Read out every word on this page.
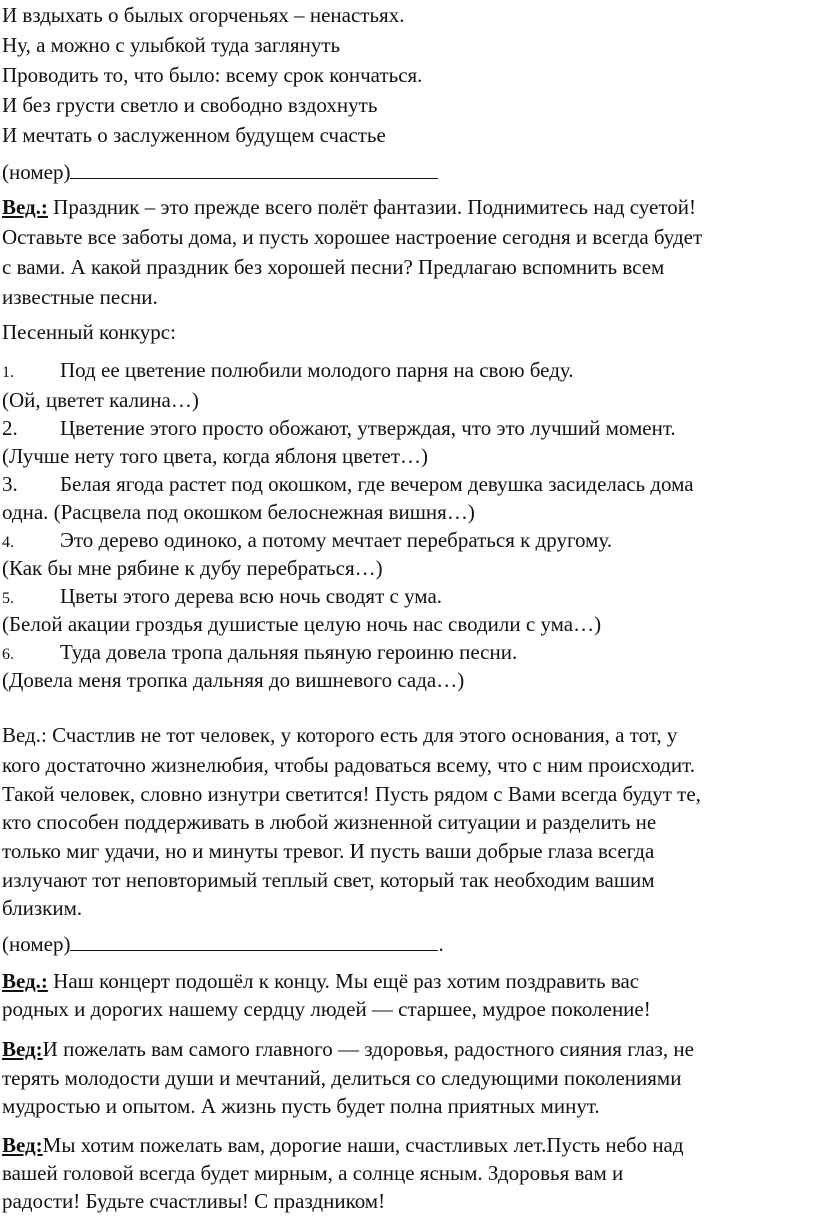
И вздыхать о былых огорченьях – ненастьях.
Ну, а можно с улыбкой туда заглянуть
Проводить то, что было: всему срок кончаться.
И без грусти светло и свободно вздохнуть
И мечтать о заслуженном будущем счастье
(номер)
Вед.: Праздник – это прежде всего полёт фантазии. Поднимитесь над суетой!
Оставьте все заботы дома, и пусть хорошее настроение сегодня и всегда будет
с вами. А какой праздник без хорошей песни? Предлагаю вспомнить всем
известные песни.
Песенный конкурс:
1. Под ее цветение полюбили молодого парня на свою беду.
(Ой, цветет калина…)
2. Цветение этого просто обожают, утверждая, что это лучший момент.
(Лучше нету того цвета, когда яблоня цветет…)
3. Белая ягода растет под окошком, где вечером девушка засиделась дома
одна. (Расцвела под окошком белоснежная вишня…)
4. Это дерево одиноко, а потому мечтает перебраться к другому.
(Как бы мне рябине к дубу перебраться…)
5. Цветы этого дерева всю ночь сводят с ума.
(Белой акации гроздья душистые целую ночь нас сводили с ума…)
6. Туда довела тропа дальняя пьяную героиню песни.
(Довела меня тропка дальняя до вишневого сада…)
Вед.: Счастлив не тот человек, у которого есть для этого основания, а тот, у
кого достаточно жизнелюбия, чтобы радоваться всему, что с ним происходит.
Такой человек, словно изнутри светится! Пусть рядом с Вами всегда будут те,
кто способен поддерживать в любой жизненной ситуации и разделить не
только миг удачи, но и минуты тревог. И пусть ваши добрые глаза всегда
излучают тот неповторимый теплый свет, который так необходим вашим
близким.
(номер)	.
Вед.: Наш концерт подошёл к концу. Мы ещё раз хотим поздравить вас
родных и дорогих нашему сердцу людей — старшее, мудрое поколение!
Вед:И пожелать вам самого главного — здоровья, радостного сияния глаз, не
терять молодости души и мечтаний, делиться со следующими поколениями
мудростью и опытом. А жизнь пусть будет полна приятных минут.
Вед:Мы хотим пожелать вам, дорогие наши, счастливых лет.Пусть небо над
вашей головой всегда будет мирным, а солнце ясным. Здоровья вам и
радости! Будьте счастливы! С праздником!
